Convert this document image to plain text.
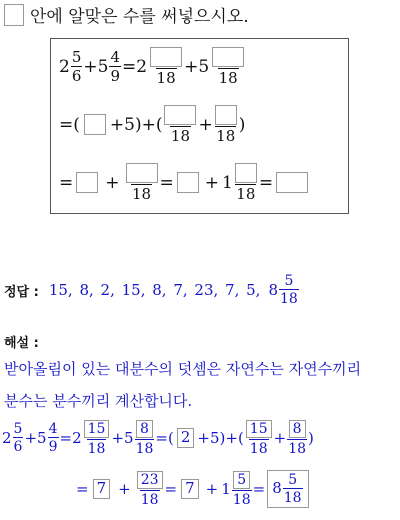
안에 알맞은 수를 써넣으시오.
$2 \frac{5}{6} + 5 \frac{4}{9} = 2$
18
+ 5
18
= ( +5)+(
18
+
18
)
= +
18
= + 1
18
=
정답 : 15, 8, 2, 15, 8, 7, 23, 7, 5, $8 \frac{5}{18}$
해설 :
받아올림이 있는 대분수의 덧셈은 자연수는 자연수끼리
분수는 분수끼리 계산합니다.
$2 \frac{5}{6} + 5 \frac{4}{9} = 2 \frac{15}{18} + 5 \frac{8}{18}$ = ( $2 +5)+( \frac{15}{18} + \frac{8}{18}$ )
= $7 + \frac{23}{18} = 7 + 1 \frac{5}{18} = 8 \frac{5}{18}$
